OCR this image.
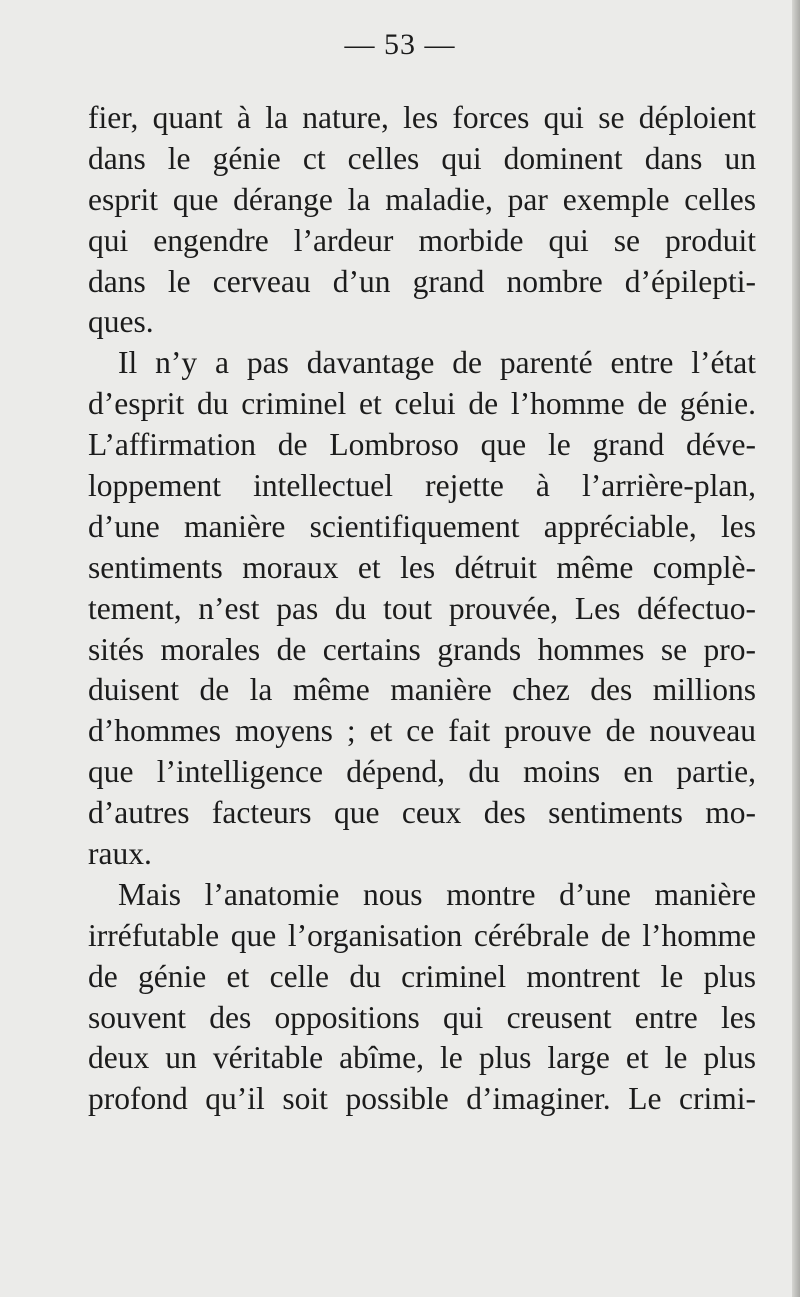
— 53 —
fier, quant à la nature, les forces qui se déploient
dans le génie ct celles qui dominent dans un
esprit que dérange la maladie, par exemple celles
qui engendre l’ardeur morbide qui se produit
dans le cerveau d’un grand nombre d’épilepti-
ques.
Il n’y a pas davantage de parenté entre l’état
d’esprit du criminel et celui de l’homme de génie.
L’affirmation de Lombroso que le grand déve-
loppement intellectuel rejette à l’arrière-plan,
d’une manière scientifiquement appréciable, les
sentiments moraux et les détruit même complè-
tement, n’est pas du tout prouvée, Les défectuo-
sités morales de certains grands hommes se pro-
duisent de la même manière chez des millions
d’hommes moyens ; et ce fait prouve de nouveau
que l’intelligence dépend, du moins en partie,
d’autres facteurs que ceux des sentiments mo-
raux.
Mais l’anatomie nous montre d’une manière
irréfutable que l’organisation cérébrale de l’homme
de génie et celle du criminel montrent le plus
souvent des oppositions qui creusent entre les
deux un véritable abîme, le plus large et le plus
profond qu’il soit possible d’imaginer. Le crimi-
